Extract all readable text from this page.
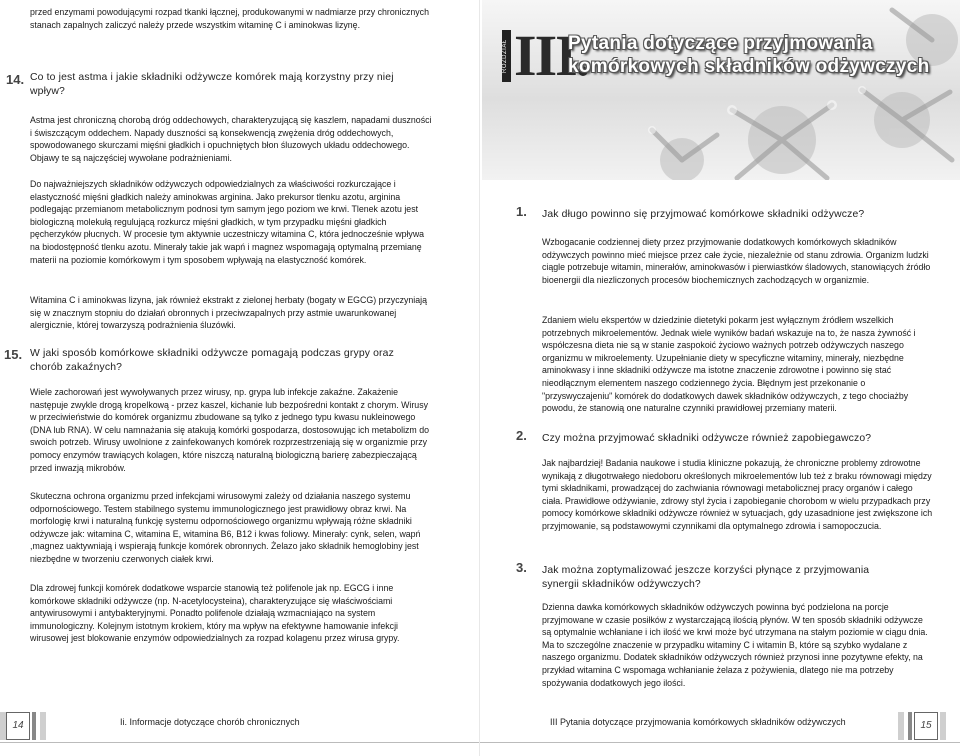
przed enzymami powodującymi rozpad tkanki łącznej, produkowanymi w nadmiarze przy chronicznych stanach zapalnych zaliczyć należy przede wszystkim witaminę C i aminokwas lizynę.

14. Co to jest astma i jakie składniki odżywcze komórek mają korzystny przy niej wpływ?

Astma jest chroniczną chorobą dróg oddechowych, charakteryzującą się kaszlem, napadami duszności i świszczącym oddechem. Napady duszności są konsekwencją zwężenia dróg oddechowych, spowodowanego skurczami mięśni gładkich i opuchniętych błon śluzowych układu oddechowego. Objawy te są najczęściej wywołane podrażnieniami.

Do najważniejszych składników odżywczych odpowiedzialnych za właściwości rozkurczające i elastyczność mięśni gładkich należy aminokwas arginina. Jako prekursor tlenku azotu, arginina podlegając przemianom metabolicznym podnosi tym samym jego poziom we krwi. Tlenek azotu jest biologiczną molekułą regulującą rozkurcz mięśni gładkich, w tym przypadku mięśni gładkich pęcherzyków płucnych. W procesie tym aktywnie uczestniczy witamina C, która jednocześnie wpływa na biodostępność tlenku azotu. Minerały takie jak wapń i magnez wspomagają optymalną przemianę materii na poziomie komórkowym i tym sposobem wpływają na elastyczność komórek.

Witamina C i aminokwas lizyna, jak również ekstrakt z zielonej herbaty (bogaty w EGCG) przyczyniają się w znacznym stopniu do działań obronnych i przeciwzapalnych przy astmie uwarunkowanej alergicznie, której towarzyszą podrażnienia śluzówki.

15. W jaki sposób komórkowe składniki odżywcze pomagają podczas grypy oraz chorób zakaźnych?

Wiele zachorowań jest wywoływanych przez wirusy, np. grypa lub infekcje zakaźne. Zakażenie następuje zwykle drogą kropelkową - przez kaszel, kichanie lub bezpośredni kontakt z chorym. Wirusy w przeciwieństwie do komórek organizmu zbudowane są tylko z jednego typu kwasu nukleinowego (DNA lub RNA). W celu namnażania się atakują komórki gospodarza, dostosowując ich metabolizm do swoich potrzeb. Wirusy uwolnione z zainfekowanych komórek rozprzestrzeniają się w organizmie przy pomocy enzymów trawiących kolagen, które niszczą naturalną biologiczną barierę zabezpieczającą przed inwazją mikrobów.

Skuteczna ochrona organizmu przed infekcjami wirusowymi zależy od działania naszego systemu odpornościowego. Testem stabilnego systemu immunologicznego jest prawidłowy obraz krwi. Na morfologię krwi i naturalną funkcję systemu odpornościowego organizmu wpływają różne składniki odżywcze jak: witamina C, witamina E, witamina B6, B12 i kwas foliowy. Minerały: cynk, selen, wapń ,magnez uaktywniają i wspierają funkcje komórek obronnych. Żelazo jako składnik hemoglobiny jest niezbędne w tworzeniu czerwonych ciałek krwi.

Dla zdrowej funkcji komórek dodatkowe wsparcie stanowią też polifenole jak np. EGCG i inne komórkowe składniki odżywcze (np. N-acetylocysteina), charakteryzujące się właściwościami antywirusowymi i antybakteryjnymi. Ponadto polifenole działają wzmacniająco na system immunologiczny. Kolejnym istotnym krokiem, który ma wpływ na efektywne hamowanie infekcji wirusowej jest blokowanie enzymów odpowiedzialnych za rozpad kolagenu przez wirusa grypy.

14	Ii. Informacje dotyczące chorób chronicznych
ROZDZIAŁ III.
Pytania dotyczące przyjmowania komórkowych składników odżywczych
1. Jak długo powinno się przyjmować komórkowe składniki odżywcze?

Wzbogacanie codziennej diety przez przyjmowanie dodatkowych komórkowych składników odżywczych powinno mieć miejsce przez całe życie, niezależnie od stanu zdrowia. Organizm ludzki ciągle potrzebuje witamin, minerałów, aminokwasów i pierwiastków śladowych, stanowiących źródło bioenergii dla niezliczonych procesów biochemicznych zachodzących w organizmie.

Zdaniem wielu ekspertów w dziedzinie dietetyki pokarm jest wyłącznym źródłem wszelkich potrzebnych mikroelementów. Jednak wiele wyników badań wskazuje na to, że nasza żywność i współczesna dieta nie są w stanie zaspokoić życiowo ważnych potrzeb odżywczych naszego organizmu w mikroelementy. Uzupełnianie diety w specyficzne witaminy, minerały, niezbędne aminokwasy i inne składniki odżywcze ma istotne znaczenie zdrowotne i powinno się stać nieodłącznym elementem naszego codziennego życia. Błędnym jest przekonanie o "przyswyczajeniu" komórek do dodatkowych dawek składników odżywczych, z tego chociażby powodu, że stanowią one naturalne czynniki prawidłowej przemiany materii.

2. Czy można przyjmować składniki odżywcze również zapobiegawczo?

Jak najbardziej! Badania naukowe i studia kliniczne pokazują, że chroniczne problemy zdrowotne wynikają z długotrwałego niedoboru określonych mikroelementów lub też z braku równowagi między tymi składnikami, prowadzącej do zachwiania równowagi metabolicznej pracy organów i całego ciała. Prawidłowe odżywianie, zdrowy styl życia i zapobieganie chorobom w wielu przypadkach przy pomocy komórkowe składniki odżywcze również w sytuacjach, gdy uzasadnione jest zwiększone ich przyjmowanie, są podstawowymi czynnikami dla optymalnego zdrowia i samopoczucia.

3. Jak można zoptymalizować jeszcze korzyści płynące z przyjmowania synergii składników odżywczych?

Dzienna dawka komórkowych składników odżywczych powinna być podzielona na porcje przyjmowane w czasie posiłków z wystarczającą ilością płynów. W ten sposób składniki odżywcze są optymalnie wchłaniane i ich ilość we krwi może być utrzymana na stałym poziomie w ciągu dnia. Ma to szczególne znaczenie w przypadku witaminy C i witamin B, które są szybko wydalane z naszego organizmu. Dodatek składników odżywczych również przynosi inne pozytywne efekty, na przykład witamina C wspomaga wchłanianie żelaza z pożywienia, dlatego nie ma potrzeby spożywania dodatkowych jego ilości.

III Pytania dotyczące przyjmowania komórkowych składników odżywczych	15
